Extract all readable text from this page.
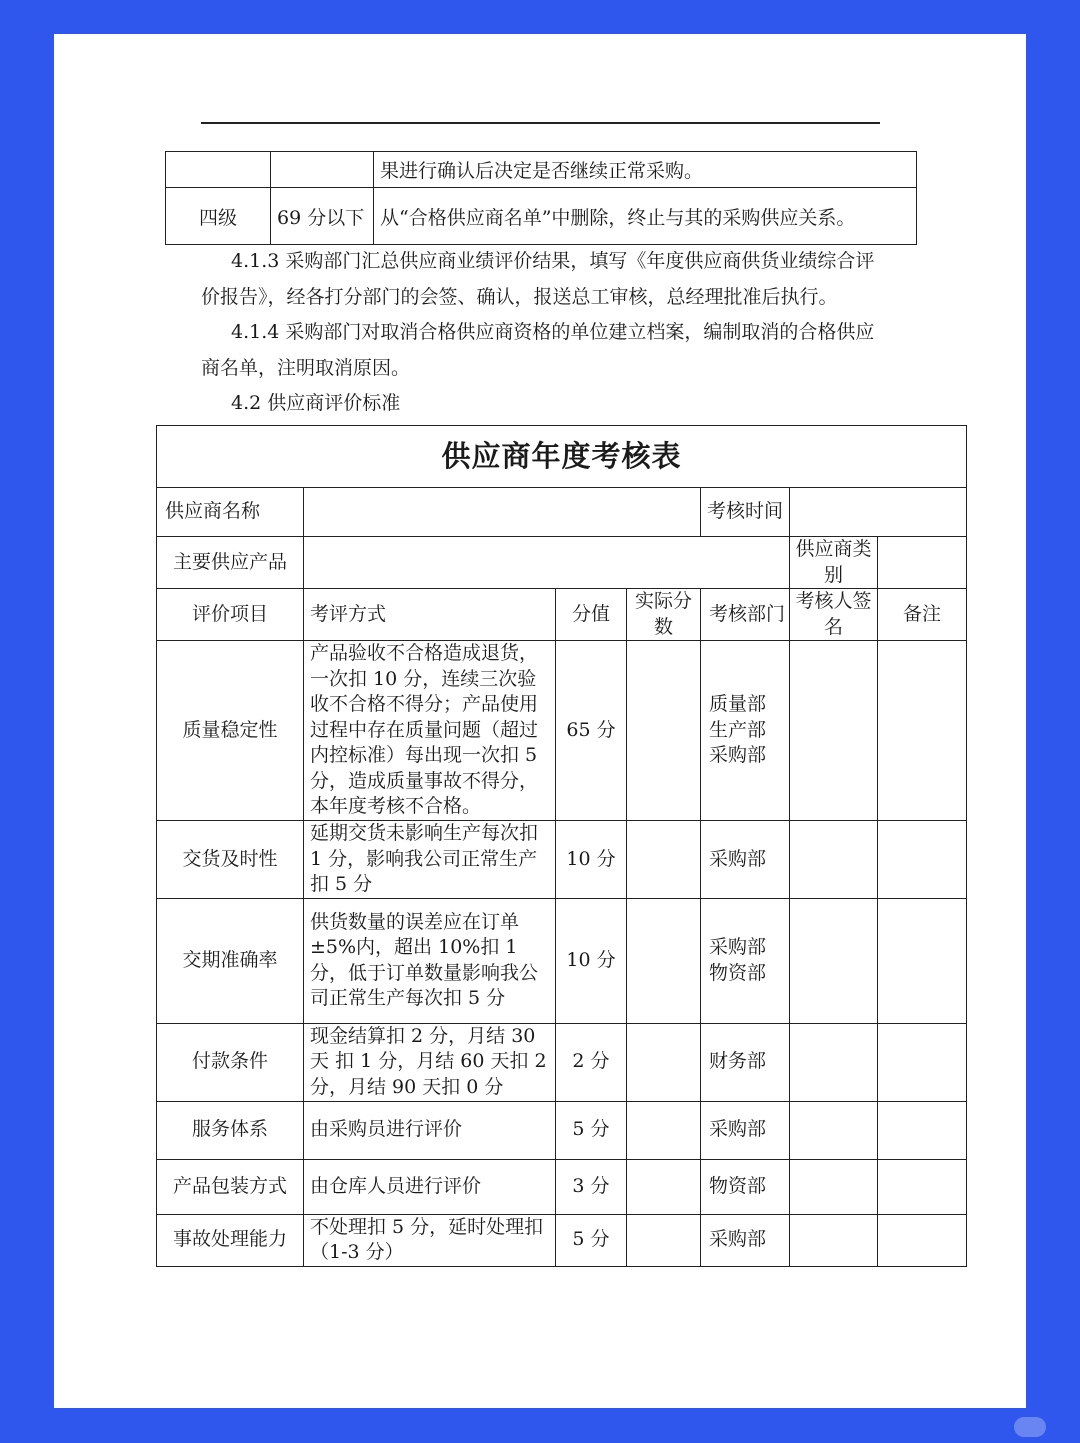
		果进行确认后决定是否继续正常采购。
四级	69 分以下	从“合格供应商名单”中删除，终止与其的采购供应关系。
4.1.3 采购部门汇总供应商业绩评价结果，填写《年度供应商供货业绩综合评
价报告》，经各打分部门的会签、确认，报送总工审核，总经理批准后执行。
4.1.4 采购部门对取消合格供应商资格的单位建立档案，编制取消的合格供应
商名单，注明取消原因。
4.2 供应商评价标准
供应商年度考核表						
供应商名称				考核时间		
主要供应产品					供应商类别	
评价项目	考评方式	分值	实际分数	考核部门	考核人签名	备注
质量稳定性	产品验收不合格造成退货，一次扣 10 分，连续三次验收不合格不得分；产品使用过程中存在质量问题（超过内控标准）每出现一次扣 5 分，造成质量事故不得分，本年度考核不合格。	65 分		质量部
生产部
采购部		
交货及时性	延期交货未影响生产每次扣 1 分，影响我公司正常生产扣 5 分	10 分		采购部		
交期准确率	供货数量的误差应在订单±5%内，超出 10%扣 1 分，低于订单数量影响我公司正常生产每次扣 5 分	10 分		采购部
物资部		
付款条件	现金结算扣 2 分，月结 30 天 扣 1 分，月结 60 天扣 2 分，月结 90 天扣 0 分	2 分		财务部		
服务体系	由采购员进行评价	5 分		采购部		
产品包装方式	由仓库人员进行评价	3 分		物资部		
事故处理能力	不处理扣 5 分，延时处理扣（1-3 分）	5 分		采购部		
